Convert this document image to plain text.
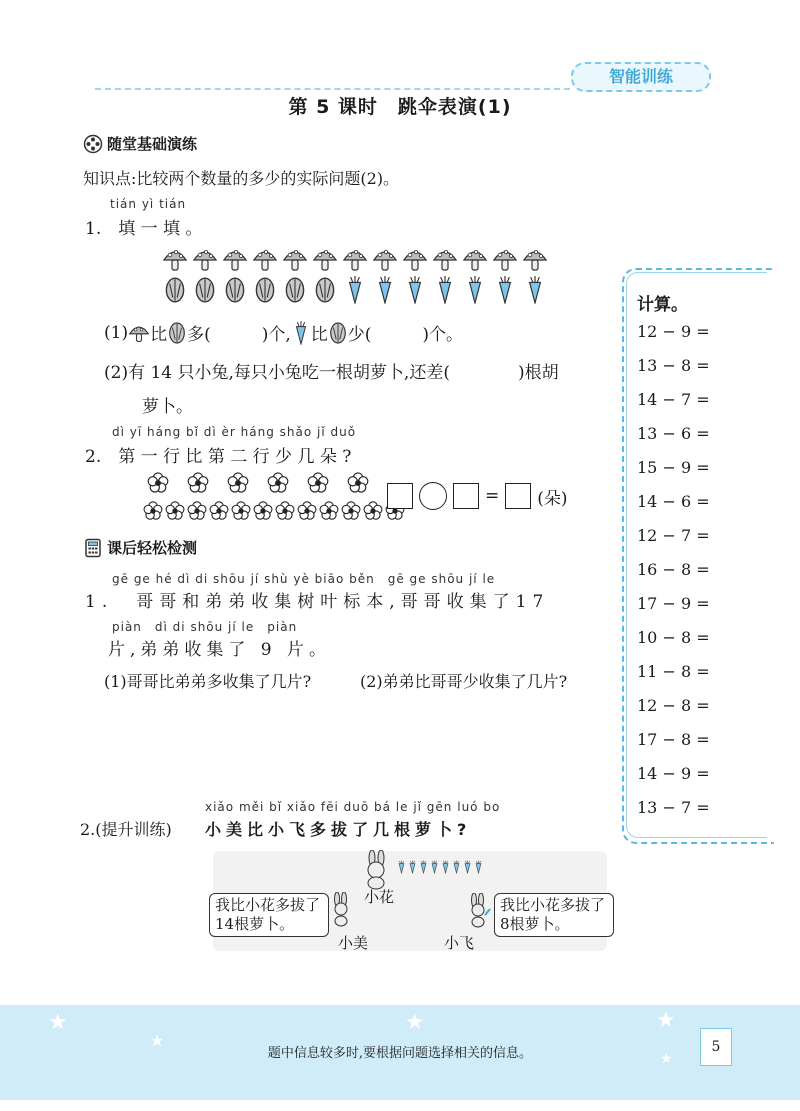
智能训练
第 5 课时　跳伞表演(1)
随堂基础演练
知识点:比较两个数量的多少的实际问题(2)。
tián yì tián
1.　填 一 填 。
(1) 比 多(　　　)个, 比 少(　　　)个。
(2)有 14 只小兔,每只小兔吃一根胡萝卜,还差(　　　　)根胡
萝卜。
dì yī háng bǐ dì èr háng shǎo jǐ duǒ
2.　第 一 行 比 第 二 行 少 几 朵 ?
= (朵)
课后轻松检测
gē ge hé dì di shōu jí shù yè biāo běn　gē ge shōu jí le
1.　哥哥和弟弟收集树叶标本,哥哥收集了17
piàn　dì di shōu jí le　piàn
片,弟弟收集了 9 片。
(1)哥哥比弟弟多收集了几片?	(2)弟弟比哥哥少收集了几片?
xiǎo měi bǐ xiǎo fēi duō bá le jǐ gēn luó bo
2.(提升训练) 小美比小飞多拔了几根萝卜?
小花
我比小花多拔了14根萝卜。
小美
我比小花多拔了8根萝卜。
小飞
计算。
12 − 9 =
13 − 8 =
14 − 7 =
13 − 6 =
15 − 9 =
14 − 6 =
12 − 7 =
16 − 8 =
17 − 9 =
10 − 8 =
11 − 8 =
12 − 8 =
17 − 8 =
14 − 9 =
13 − 7 =
★
★
★	★
★
题中信息较多时,要根据问题选择相关的信息。	5
